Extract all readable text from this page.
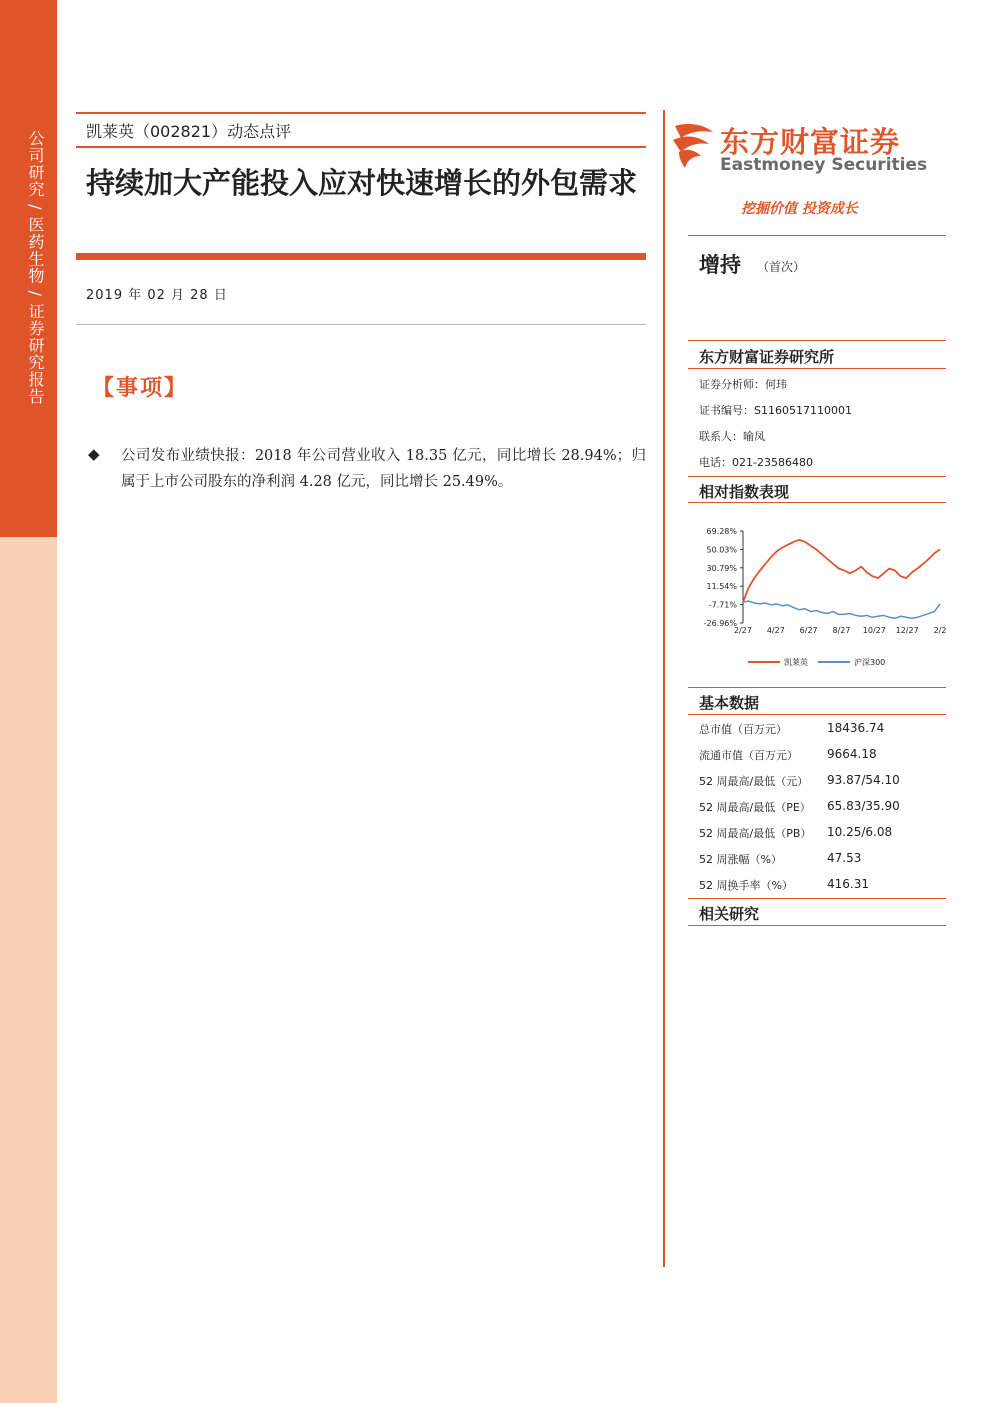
公司研究 / 医药生物 / 证券研究报告	凯莱英（002821）动态点评
持续加大产能投入应对快速增长的外包需求
2019 年 02 月 28 日
【事项】
◆ 公司发布业绩快报：2018 年公司营业收入 18.35 亿元，同比增长 28.94%；归属于上市公司股东的净利润 4.28 亿元，同比增长 25.49%。
东方财富证券
Eastmoney Securities
挖掘价值 投资成长
增持 （首次）
东方财富证券研究所
证券分析师：何玮
证书编号：S1160517110001
联系人：喻凤
电话：021-23586480
相对指数表现
69.28%
50.03%
30.79%
11.54%
-7.71%
-26.96%
2/27 4/27 6/27 8/27 10/27 12/27 2/2
凯莱英	沪深300
基本数据
总市值（百万元）	18436.74
流通市值（百万元） 9664.18
52 周最高/最低（元） 93.87/54.10
52 周最高/最低（PE） 65.83/35.90
52 周最高/最低（PB） 10.25/6.08
52 周涨幅（%）	47.53
52 周换手率（%）	416.31
相关研究
